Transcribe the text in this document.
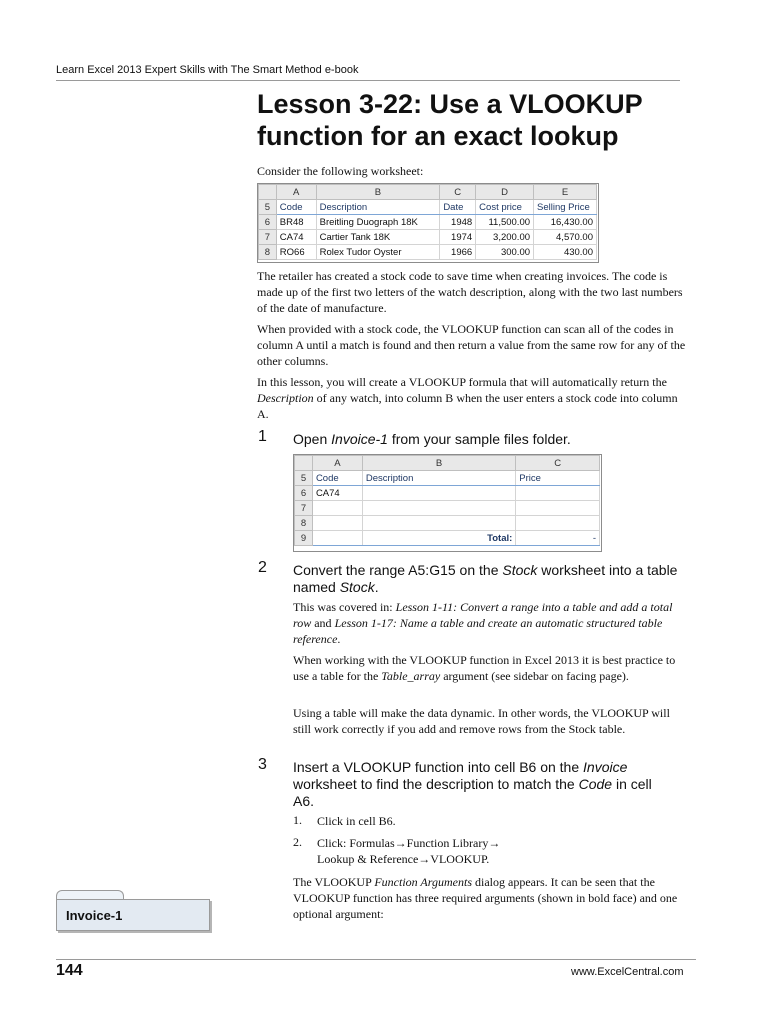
Learn Excel 2013 Expert Skills with The Smart Method e-book
Lesson 3-22: Use a VLOOKUP
function for an exact lookup

Consider the following worksheet:

	A	B	C	D	E
5	Code	Description	Date	Cost price	Selling Price
6	BR48	Breitling Duograph 18K	1948	11,500.00	16,430.00
7	CA74	Cartier Tank 18K	1974	3,200.00	4,570.00
8	RO66	Rolex Tudor Oyster	1966	300.00	430.00

The retailer has created a stock code to save time when creating invoices. The code is made up of the first two letters of the watch description, along with the two last numbers of the date of manufacture.

When provided with a stock code, the VLOOKUP function can scan all of the codes in column A until a match is found and then return a value from the same row for any of the other columns.

In this lesson, you will create a VLOOKUP formula that will automatically return the Description of any watch, into column B when the user enters a stock code into column A.

1 Open Invoice-1 from your sample files folder.

	A	B	C
5	Code	Description	Price
6	CA74		
7			
8			
9		Total:	-
2 Convert the range A5:G15 on the Stock worksheet into a table named Stock.

This was covered in: Lesson 1-11: Convert a range into a table and add a total row and Lesson 1-17: Name a table and create an automatic structured table reference.

When working with the VLOOKUP function in Excel 2013 it is best practice to use a table for the Table_array argument (see sidebar on facing page).

Using a table will make the data dynamic. In other words, the VLOOKUP will still work correctly if you add and remove rows from the Stock table.

3 Insert a VLOOKUP function into cell B6 on the Invoice worksheet to find the description to match the Code in cell A6.

1. Click in cell B6.
2. Click: Formulas→Function Library→
Lookup & Reference→VLOOKUP.

The VLOOKUP Function Arguments dialog appears. It can be seen that the VLOOKUP function has three required arguments (shown in bold face) and one optional argument:

Invoice-1
144	www.ExcelCentral.com
